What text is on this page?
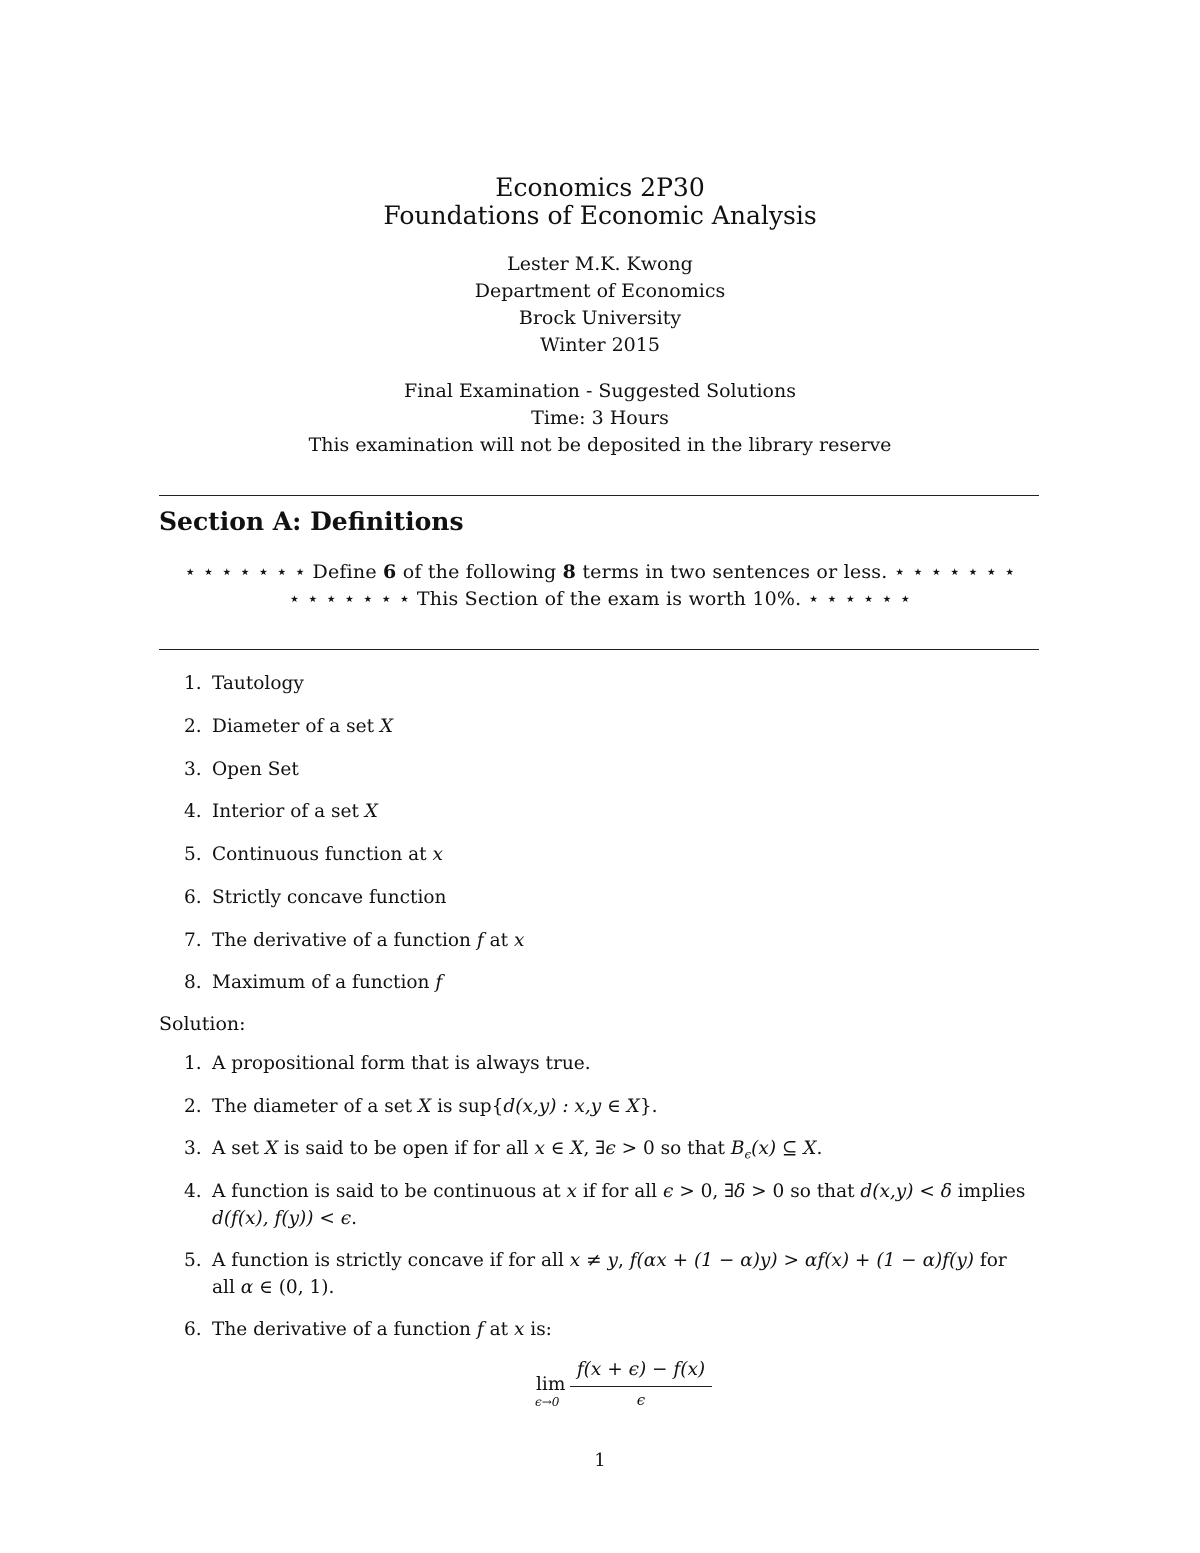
Economics 2P30
Foundations of Economic Analysis
Lester M.K. Kwong
Department of Economics
Brock University
Winter 2015
Final Examination - Suggested Solutions
Time: 3 Hours
This examination will not be deposited in the library reserve
Section A: Definitions
⋆ ⋆ ⋆ ⋆ ⋆ ⋆ ⋆ Define 6 of the following 8 terms in two sentences or less. ⋆ ⋆ ⋆ ⋆ ⋆ ⋆ ⋆
⋆ ⋆ ⋆ ⋆ ⋆ ⋆ ⋆ This Section of the exam is worth 10%. ⋆ ⋆ ⋆ ⋆ ⋆ ⋆
1. Tautology
2. Diameter of a set X
3. Open Set
4. Interior of a set X
5. Continuous function at x
6. Strictly concave function
7. The derivative of a function f at x
8. Maximum of a function f
Solution:
1. A propositional form that is always true.
2. The diameter of a set X is sup{d(x,y) : x,y ∈ X}.
3. A set X is said to be open if for all x ∈ X, ∃ϵ > 0 so that $B_\epsilon(x)$ ⊆ X.
4. A function is said to be continuous at x if for all ϵ > 0, ∃δ > 0 so that d(x,y) < δ implies
d(f(x), f(y)) < ϵ.
5. A function is strictly concave if for all x ≠ y, f(αx + (1 − α)y) > αf(x) + (1 − α)f(y) for
all α ∈ (0, 1).
6. The derivative of a function f at x is:
lim
ϵ→0
f(x + ϵ) − f(x)
ϵ
1
